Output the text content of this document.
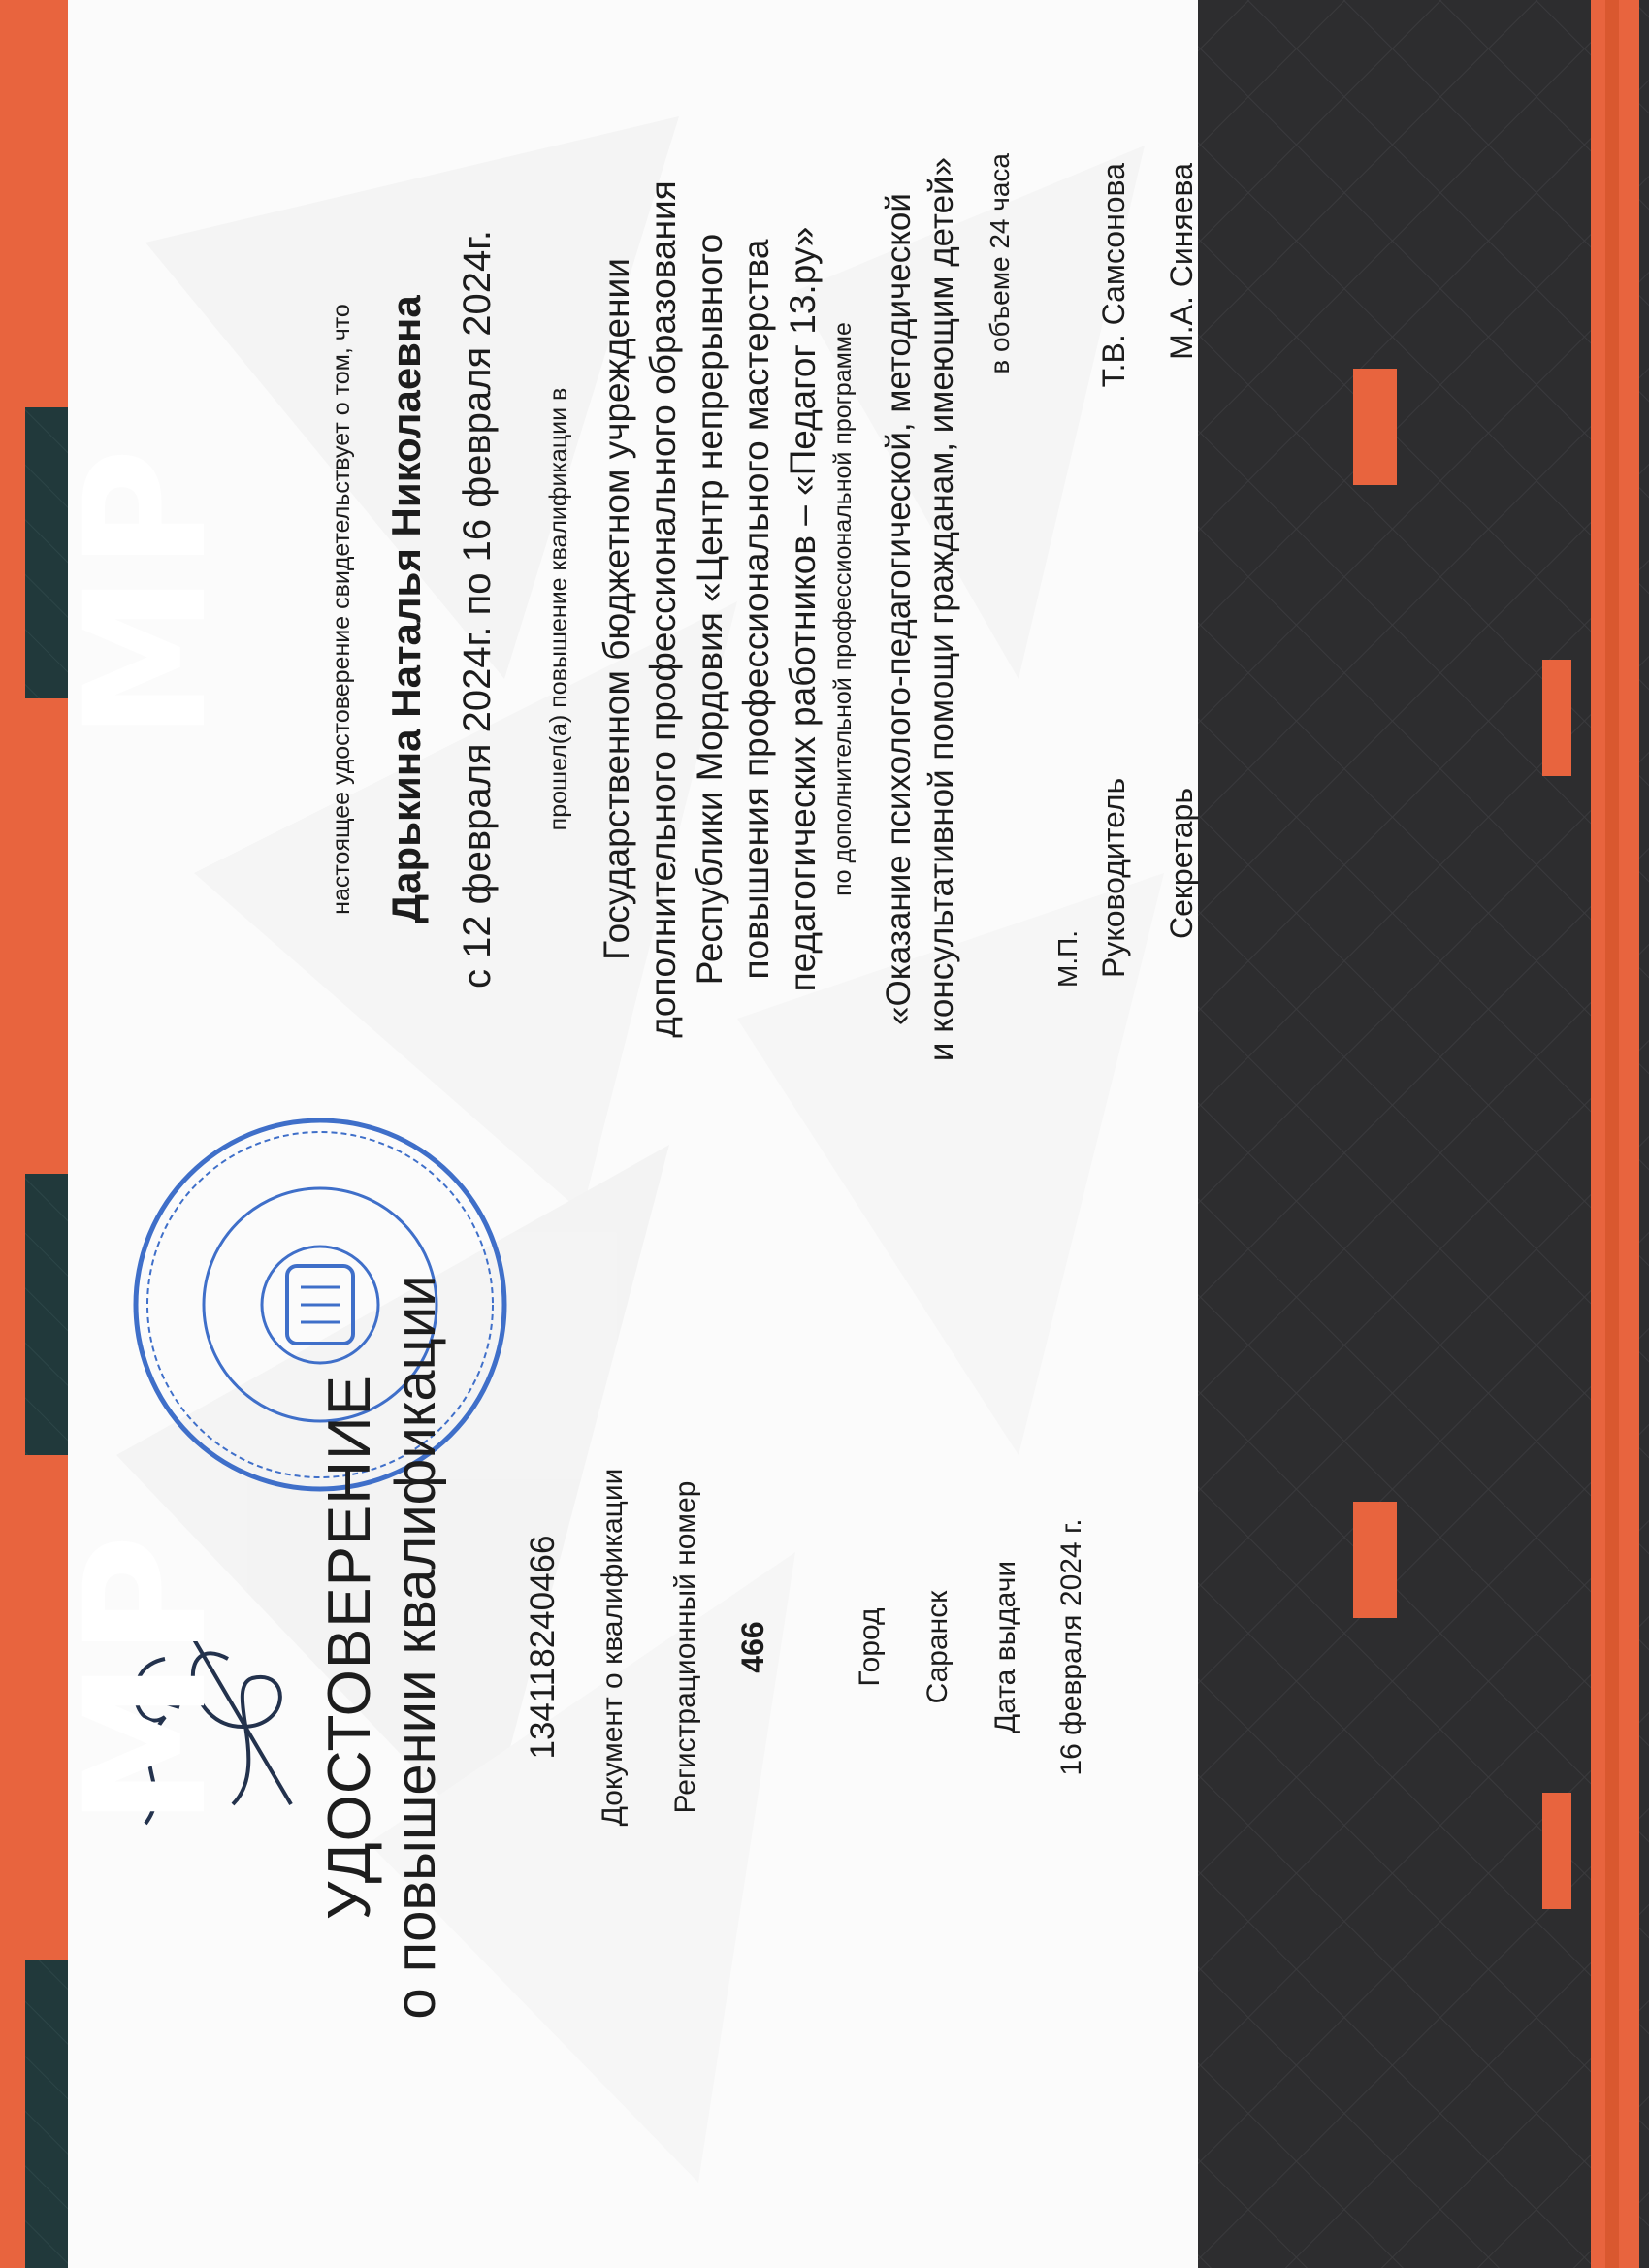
УДОСТОВЕРЕНИЕ о повышении квалификации 134118240466 Документ о квалификации Регистрационный номер 466	Город Саранск Дата выдачи 16 февраля 2024 г.
настоящее удостоверение свидетельствует о том, что Дарькина Наталья Николаевна с 12 февраля 2024г. по 16 февраля 2024г. прошел(а) повышение квалификации в Государственном бюджетном учреждении дополнительного профессионального образования Республики Мордовия «Центр непрерывного повышения профессионального мастерства педагогических работников – «Педагог 13.ру» по дополнительной профессиональной программе «Оказание психолого-педагогической, методической и консультативной помощи гражданам, имеющим детей» в объеме 24 часа
М.П. Руководитель
Т.В. Самсонова
Секретарь
М.А. Синяева
МР
МР
